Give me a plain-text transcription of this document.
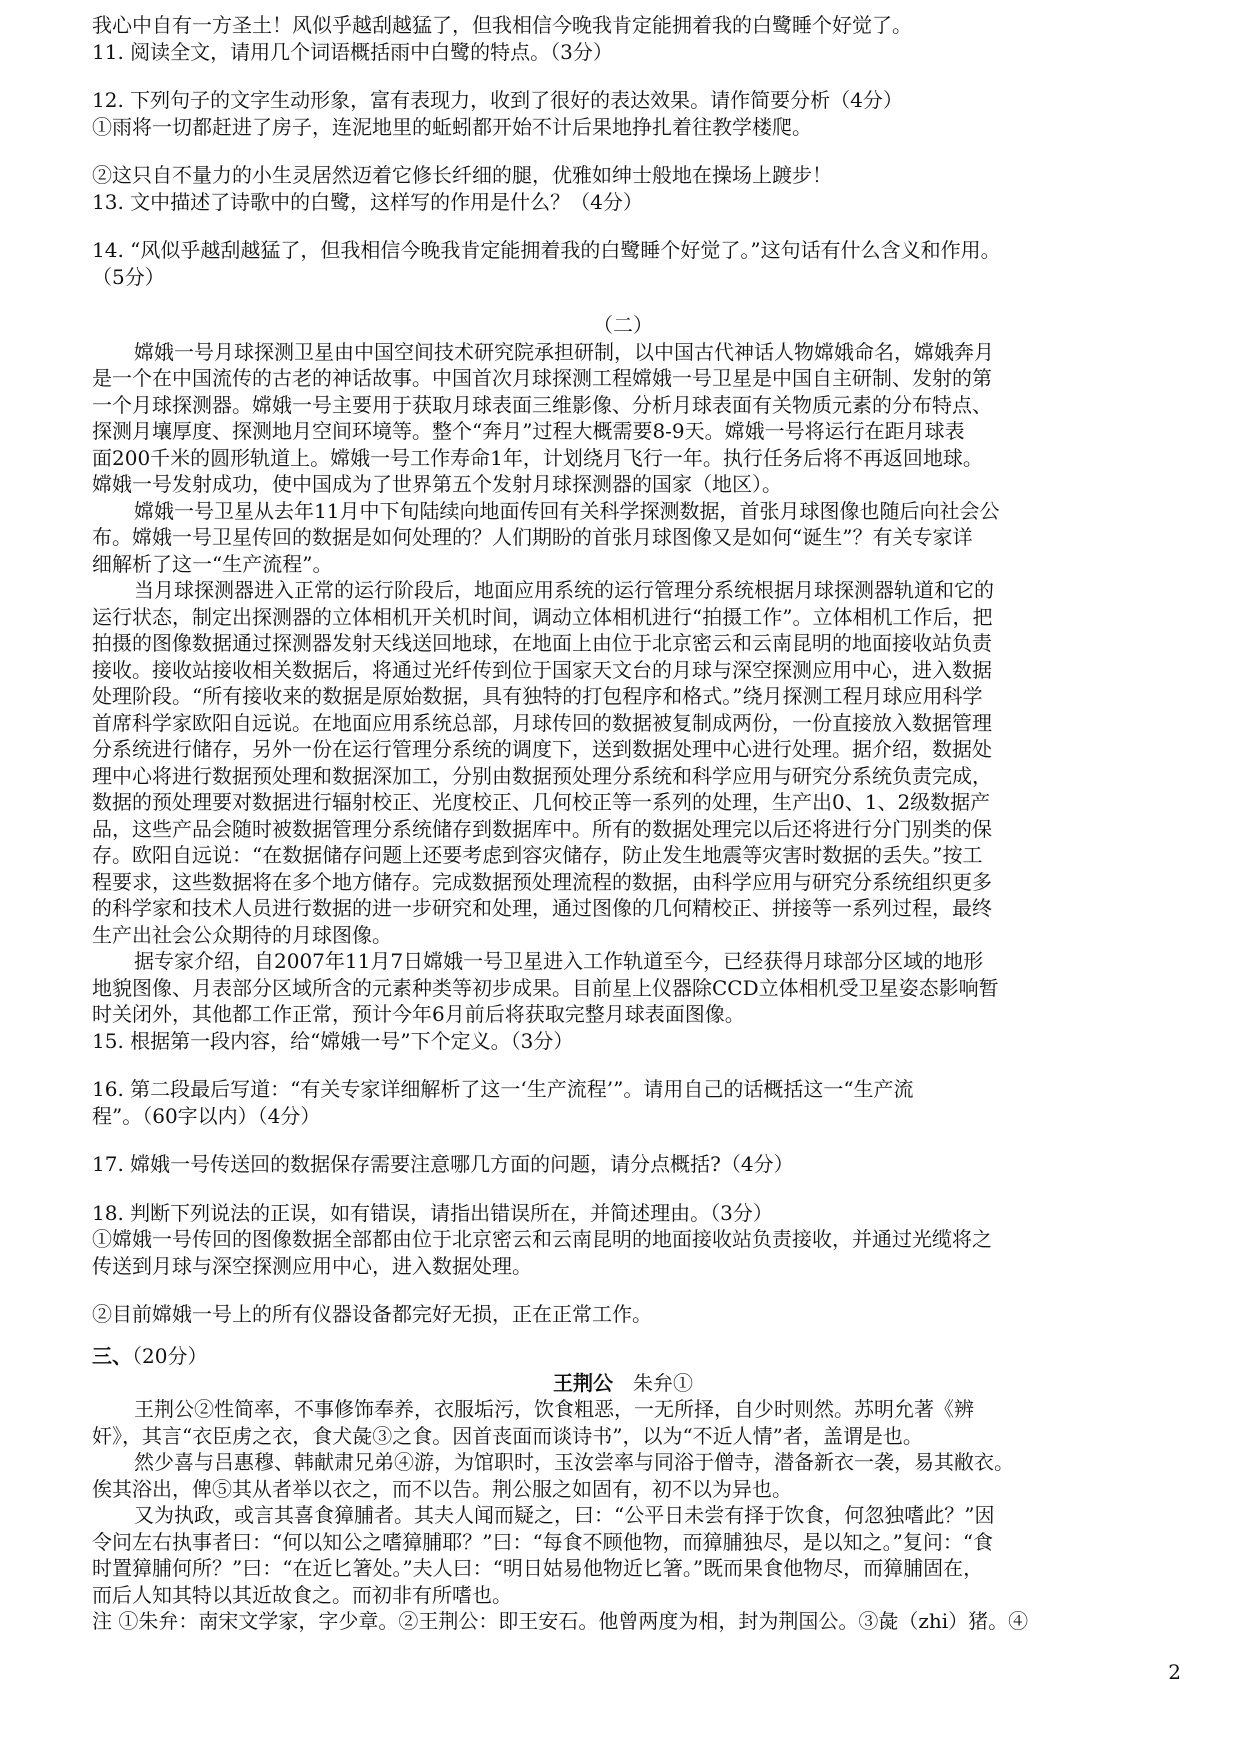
我心中自有一方圣土！风似乎越刮越猛了，但我相信今晚我肯定能拥着我的白鹭睡个好觉了。
11. 阅读全文，请用几个词语概括雨中白鹭的特点。（3分）
12. 下列句子的文字生动形象，富有表现力，收到了很好的表达效果。请作简要分析（4分）
①雨将一切都赶进了房子，连泥地里的蚯蚓都开始不计后果地挣扎着往教学楼爬。
②这只自不量力的小生灵居然迈着它修长纤细的腿，优雅如绅士般地在操场上踱步！
13. 文中描述了诗歌中的白鹭，这样写的作用是什么？（4分）
14. “风似乎越刮越猛了，但我相信今晚我肯定能拥着我的白鹭睡个好觉了。”这句话有什么含义和作用。
（5分）
（二）
嫦娥一号月球探测卫星由中国空间技术研究院承担研制，以中国古代神话人物嫦娥命名，嫦娥奔月
是一个在中国流传的古老的神话故事。中国首次月球探测工程嫦娥一号卫星是中国自主研制、发射的第
一个月球探测器。嫦娥一号主要用于获取月球表面三维影像、分析月球表面有关物质元素的分布特点、
探测月壤厚度、探测地月空间环境等。整个“奔月”过程大概需要8-9天。嫦娥一号将运行在距月球表
面200千米的圆形轨道上。嫦娥一号工作寿命1年，计划绕月飞行一年。执行任务后将不再返回地球。
嫦娥一号发射成功，使中国成为了世界第五个发射月球探测器的国家（地区）。
嫦娥一号卫星从去年11月中下旬陆续向地面传回有关科学探测数据，首张月球图像也随后向社会公
布。嫦娥一号卫星传回的数据是如何处理的？人们期盼的首张月球图像又是如何“诞生”？有关专家详
细解析了这一“生产流程”。
当月球探测器进入正常的运行阶段后，地面应用系统的运行管理分系统根据月球探测器轨道和它的
运行状态，制定出探测器的立体相机开关机时间，调动立体相机进行“拍摄工作”。立体相机工作后，把
拍摄的图像数据通过探测器发射天线送回地球，在地面上由位于北京密云和云南昆明的地面接收站负责
接收。接收站接收相关数据后，将通过光纤传到位于国家天文台的月球与深空探测应用中心，进入数据
处理阶段。“所有接收来的数据是原始数据，具有独特的打包程序和格式。”绕月探测工程月球应用科学
首席科学家欧阳自远说。在地面应用系统总部，月球传回的数据被复制成两份，一份直接放入数据管理
分系统进行储存，另外一份在运行管理分系统的调度下，送到数据处理中心进行处理。据介绍，数据处
理中心将进行数据预处理和数据深加工，分别由数据预处理分系统和科学应用与研究分系统负责完成，
数据的预处理要对数据进行辐射校正、光度校正、几何校正等一系列的处理，生产出0、1、2级数据产
品，这些产品会随时被数据管理分系统储存到数据库中。所有的数据处理完以后还将进行分门别类的保
存。欧阳自远说：“在数据储存问题上还要考虑到容灾储存，防止发生地震等灾害时数据的丢失。”按工
程要求，这些数据将在多个地方储存。完成数据预处理流程的数据，由科学应用与研究分系统组织更多
的科学家和技术人员进行数据的进一步研究和处理，通过图像的几何精校正、拼接等一系列过程，最终
生产出社会公众期待的月球图像。
据专家介绍，自2007年11月7日嫦娥一号卫星进入工作轨道至今，已经获得月球部分区域的地形
地貌图像、月表部分区域所含的元素种类等初步成果。目前星上仪器除CCD立体相机受卫星姿态影响暂
时关闭外，其他都工作正常，预计今年6月前后将获取完整月球表面图像。
15. 根据第一段内容，给“嫦娥一号”下个定义。（3分）
16. 第二段最后写道：“有关专家详细解析了这一‘生产流程’”。请用自己的话概括这一“生产流
程”。（60字以内）（4分）
17. 嫦娥一号传送回的数据保存需要注意哪几方面的问题，请分点概括?（4分）
18. 判断下列说法的正误，如有错误，请指出错误所在，并简述理由。（3分）
①嫦娥一号传回的图像数据全部都由位于北京密云和云南昆明的地面接收站负责接收，并通过光缆将之
传送到月球与深空探测应用中心，进入数据处理。
②目前嫦娥一号上的所有仪器设备都完好无损，正在正常工作。
三、（20分）
王荆公 朱弁①
王荆公②性简率，不事修饰奉养，衣服垢污，饮食粗恶，一无所择，自少时则然。苏明允著《辨
奸》，其言“衣臣虏之衣，食犬彘③之食。因首丧面而谈诗书”，以为“不近人情”者，盖谓是也。
然少喜与吕惠穆、韩献肃兄弟④游，为馆职时，玉汝尝率与同浴于僧寺，潜备新衣一袭，易其敝衣。
俟其浴出，俾⑤其从者举以衣之，而不以告。荆公服之如固有，初不以为异也。
又为执政，或言其喜食獐脯者。其夫人闻而疑之，曰：“公平日未尝有择于饮食，何忽独嗜此？”因
令问左右执事者曰：“何以知公之嗜獐脯耶？”曰：“每食不顾他物，而獐脯独尽，是以知之。”复问：“食
时置獐脯何所？”曰：“在近匕箸处。”夫人曰：“明日姑易他物近匕箸。”既而果食他物尽，而獐脯固在，
而后人知其特以其近故食之。而初非有所嗜也。
注 ①朱弁：南宋文学家，字少章。②王荆公：即王安石。他曾两度为相，封为荆国公。③彘（zhi）猪。④
2
